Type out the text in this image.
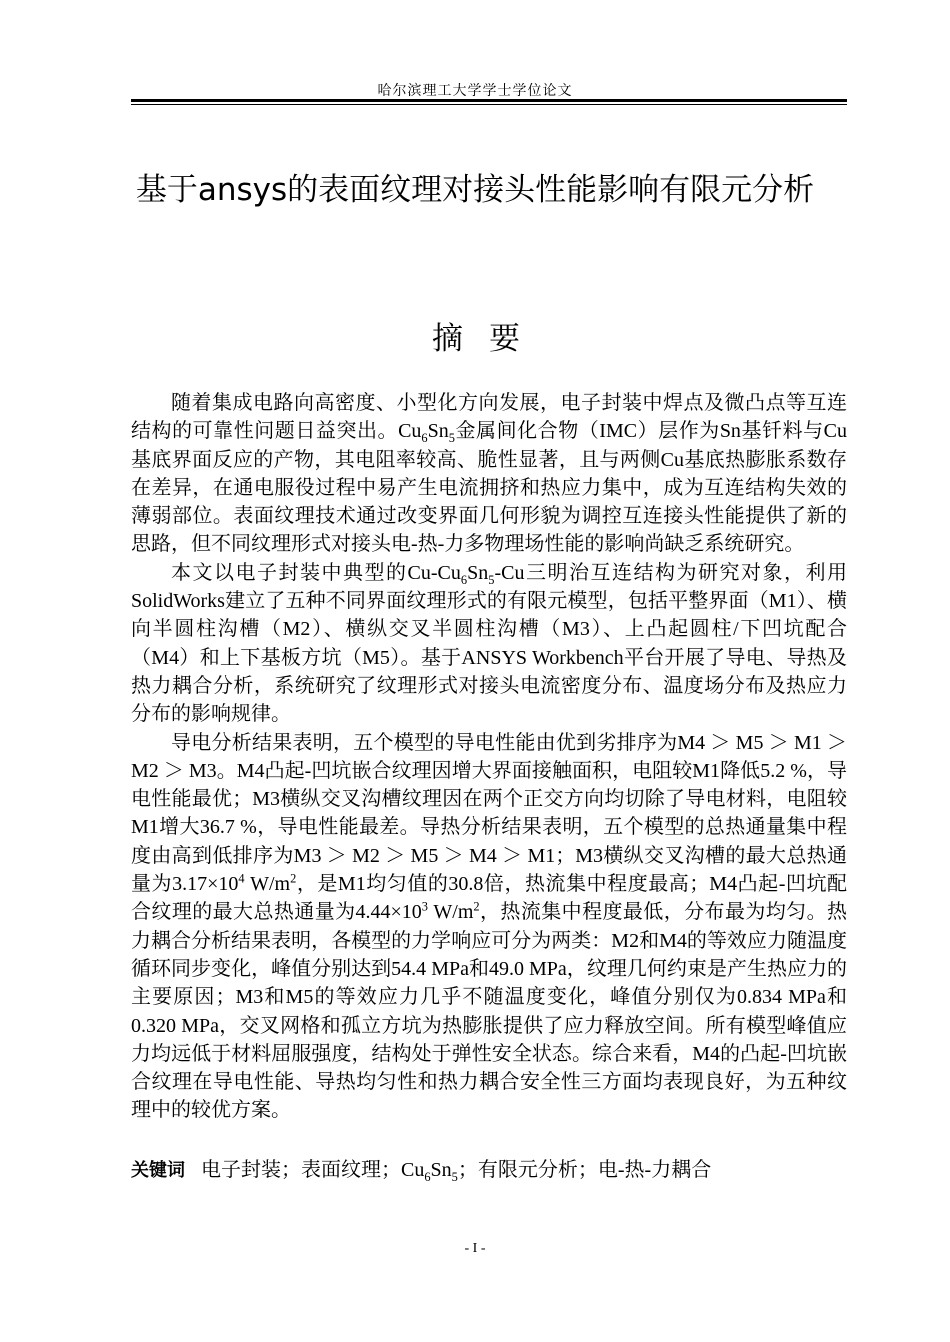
哈尔滨理工大学学士学位论文
基于ansys的表面纹理对接头性能影响有限元分析
摘要

随着集成电路向高密度、小型化方向发展，电子封装中焊点及微凸点等互连结构的可靠性问题日益突出。$Cu_6Sn_5$金属间化合物（IMC）层作为Sn基钎料与Cu基底界面反应的产物，其电阻率较高、脆性显著，且与两侧Cu基底热膨胀系数存在差异，在通电服役过程中易产生电流拥挤和热应力集中，成为互连结构失效的薄弱部位。表面纹理技术通过改变界面几何形貌为调控互连接头性能提供了新的思路，但不同纹理形式对接头电-热-力多物理场性能的影响尚缺乏系统研究。

本文以电子封装中典型的$Cu-Cu_6Sn_5-Cu$三明治互连结构为研究对象，利用SolidWorks建立了五种不同界面纹理形式的有限元模型，包括平整界面（M1）、横向半圆柱沟槽（M2）、横纵交叉半圆柱沟槽（M3）、上凸起圆柱/下凹坑配合（M4）和上下基板方坑（M5）。基于ANSYS Workbench平台开展了导电、导热及热力耦合分析，系统研究了纹理形式对接头电流密度分布、温度场分布及热应力分布的影响规律。

导电分析结果表明，五个模型的导电性能由优到劣排序为M4 ＞ M5 ＞ M1 ＞ M2 ＞ M3。M4凸起-凹坑嵌合纹理因增大界面接触面积，电阻较M1降低5.2 %，导电性能最优；M3横纵交叉沟槽纹理因在两个正交方向均切除了导电材料，电阻较M1增大36.7 %，导电性能最差。导热分析结果表明，五个模型的总热通量集中程度由高到低排序为M3 ＞ M2 ＞ M5 ＞ M4 ＞ M1；M3横纵交叉沟槽的最大总热通量为$3.17\times 10^4$ $W/m^2$，是M1均匀值的30.8倍，热流集中程度最高；M4凸起-凹坑配合纹理的最大总热通量为$4.44\times 10^3$ $W/m^2$，热流集中程度最低，分布最为均匀。热力耦合分析结果表明，各模型的力学响应可分为两类：M2和M4的等效应力随温度循环同步变化，峰值分别达到54.4 MPa和49.0 MPa，纹理几何约束是产生热应力的主要原因；M3和M5的等效应力几乎不随温度变化，峰值分别仅为0.834 MPa和0.320 MPa，交叉网格和孤立方坑为热膨胀提供了应力释放空间。所有模型峰值应力均远低于材料屈服强度，结构处于弹性安全状态。综合来看，M4的凸起-凹坑嵌合纹理在导电性能、导热均匀性和热力耦合安全性三方面均表现良好，为五种纹理中的较优方案。

关键词 电子封装；表面纹理；$Cu_6Sn_5$；有限元分析；电-热-力耦合

- I -
